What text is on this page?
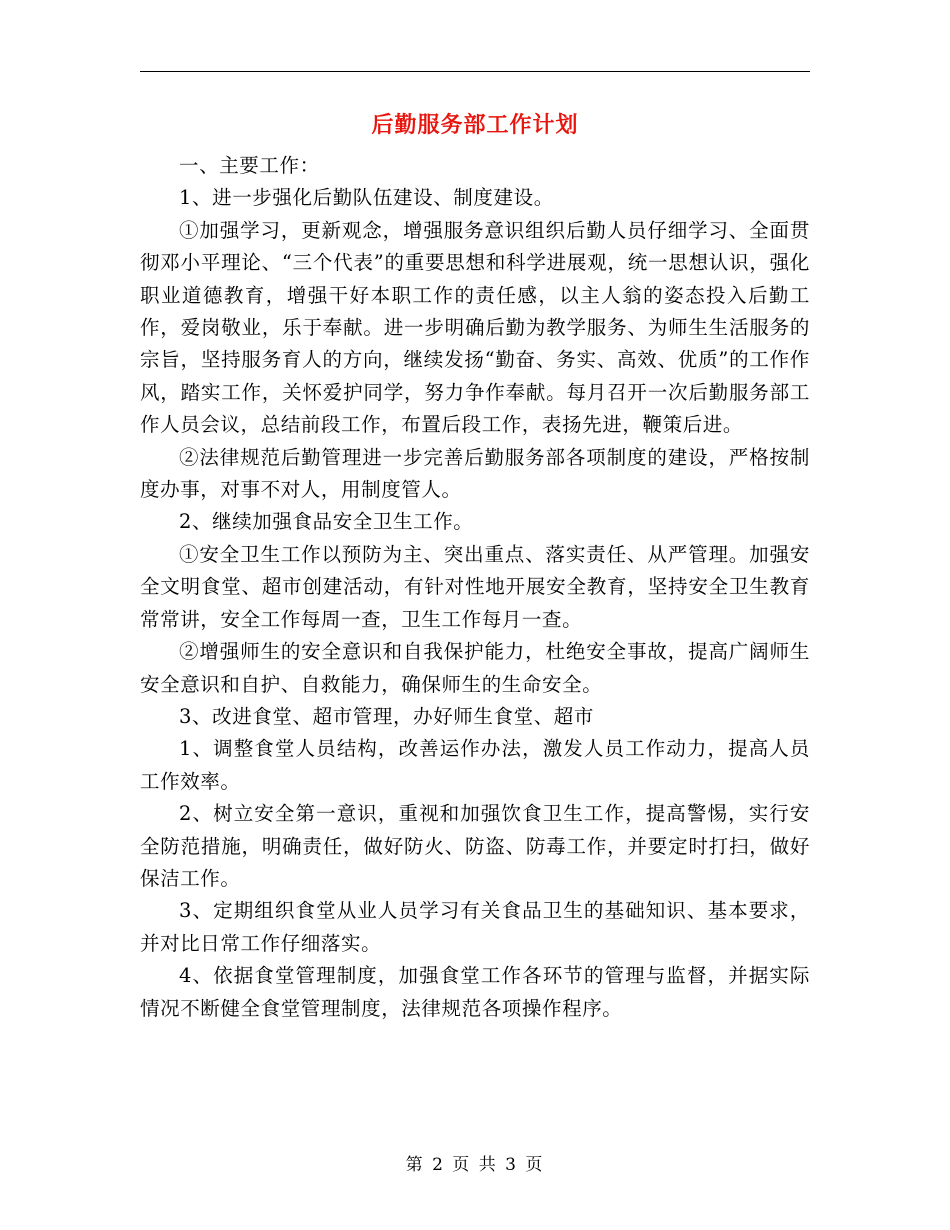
后勤服务部工作计划

一、主要工作：

1、进一步强化后勤队伍建设、制度建设。

①加强学习，更新观念，增强服务意识组织后勤人员仔细学习、全面贯彻邓小平理论、“三个代表”的重要思想和科学进展观，统一思想认识，强化职业道德教育，增强干好本职工作的责任感，以主人翁的姿态投入后勤工作，爱岗敬业，乐于奉献。进一步明确后勤为教学服务、为师生生活服务的宗旨，坚持服务育人的方向，继续发扬“勤奋、务实、高效、优质”的工作作风，踏实工作，关怀爱护同学，努力争作奉献。每月召开一次后勤服务部工作人员会议，总结前段工作，布置后段工作，表扬先进，鞭策后进。

②法律规范后勤管理进一步完善后勤服务部各项制度的建设，严格按制度办事，对事不对人，用制度管人。

2、继续加强食品安全卫生工作。

①安全卫生工作以预防为主、突出重点、落实责任、从严管理。加强安全文明食堂、超市创建活动，有针对性地开展安全教育，坚持安全卫生教育常常讲，安全工作每周一查，卫生工作每月一查。

②增强师生的安全意识和自我保护能力，杜绝安全事故，提高广阔师生安全意识和自护、自救能力，确保师生的生命安全。

3、改进食堂、超市管理，办好师生食堂、超市

1、调整食堂人员结构，改善运作办法，激发人员工作动力，提高人员工作效率。

2、树立安全第一意识，重视和加强饮食卫生工作，提高警惕，实行安全防范措施，明确责任，做好防火、防盗、防毒工作，并要定时打扫，做好保洁工作。

3、定期组织食堂从业人员学习有关食品卫生的基础知识、基本要求，并对比日常工作仔细落实。

4、依据食堂管理制度，加强食堂工作各环节的管理与监督，并据实际情况不断健全食堂管理制度，法律规范各项操作程序。

第 2 页 共 3 页
